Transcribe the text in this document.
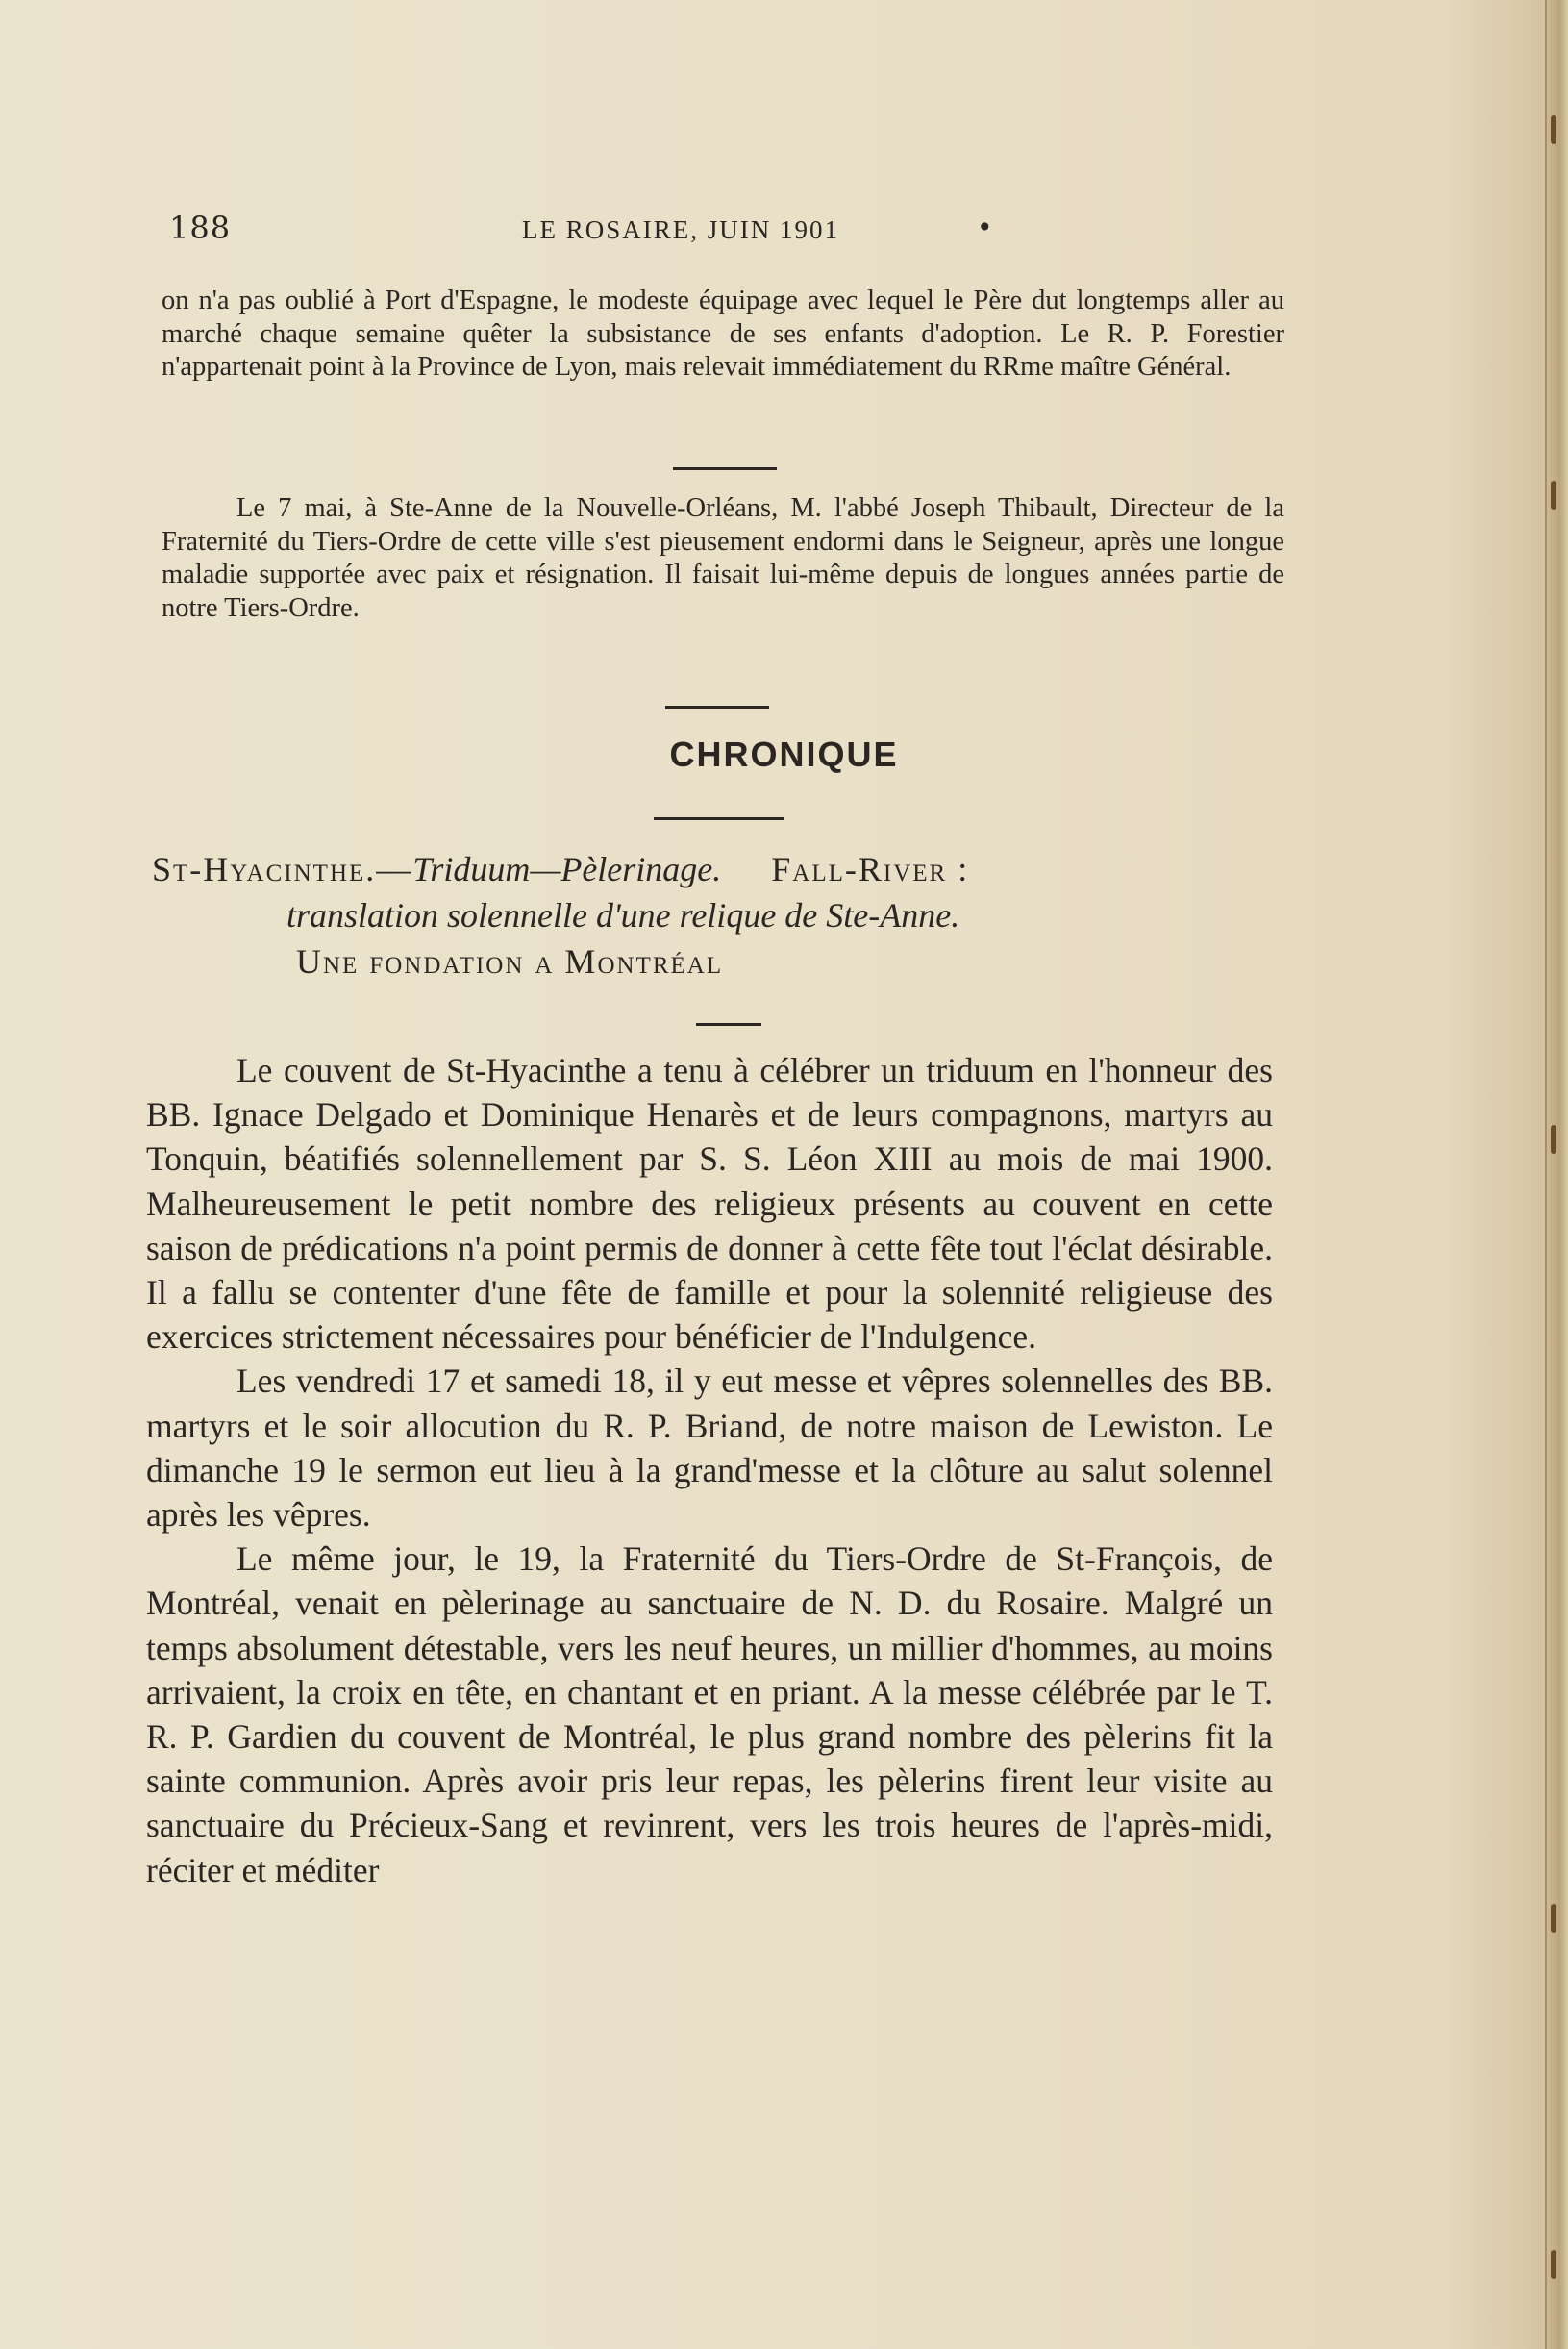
188	LE ROSAIRE, JUIN 1901	•

on n'a pas oublié à Port d'Espagne, le modeste équipage avec lequel le Père dut longtemps aller au marché chaque semaine quêter la subsistance de ses enfants d'adoption. Le R. P. Forestier n'appartenait point à la Province de Lyon, mais relevait immédiatement du RRme maître Général.

Le 7 mai, à Ste-Anne de la Nouvelle-Orléans, M. l'abbé Joseph Thibault, Directeur de la Fraternité du Tiers-Ordre de cette ville s'est pieusement endormi dans le Seigneur, après une longue maladie supportée avec paix et résignation. Il faisait lui-même depuis de longues années partie de notre Tiers-Ordre.

CHRONIQUE
St-Hyacinthe.—Triduum—Pèlerinage. Fall-River :
translation solennelle d'une relique de Ste-Anne.
Une fondation a Montréal

Le couvent de St-Hyacinthe a tenu à célébrer un triduum en l'honneur des BB. Ignace Delgado et Dominique Henarès et de leurs compagnons, martyrs au Tonquin, béatifiés solennellement par S. S. Léon XIII au mois de mai 1900. Malheureusement le petit nombre des religieux présents au couvent en cette saison de prédications n'a point permis de donner à cette fête tout l'éclat désirable. Il a fallu se contenter d'une fête de famille et pour la solennité religieuse des exercices strictement nécessaires pour bénéficier de l'Indulgence.

Les vendredi 17 et samedi 18, il y eut messe et vêpres solennelles des BB. martyrs et le soir allocution du R. P. Briand, de notre maison de Lewiston. Le dimanche 19 le sermon eut lieu à la grand'messe et la clôture au salut solennel après les vêpres.

Le même jour, le 19, la Fraternité du Tiers-Ordre de St-François, de Montréal, venait en pèlerinage au sanctuaire de N. D. du Rosaire. Malgré un temps absolument détestable, vers les neuf heures, un millier d'hommes, au moins arrivaient, la croix en tête, en chantant et en priant. A la messe célébrée par le T. R. P. Gardien du couvent de Montréal, le plus grand nombre des pèlerins fit la sainte communion. Après avoir pris leur repas, les pèlerins firent leur visite au sanctuaire du Précieux-Sang et revinrent, vers les trois heures de l'après-midi, réciter et méditer
